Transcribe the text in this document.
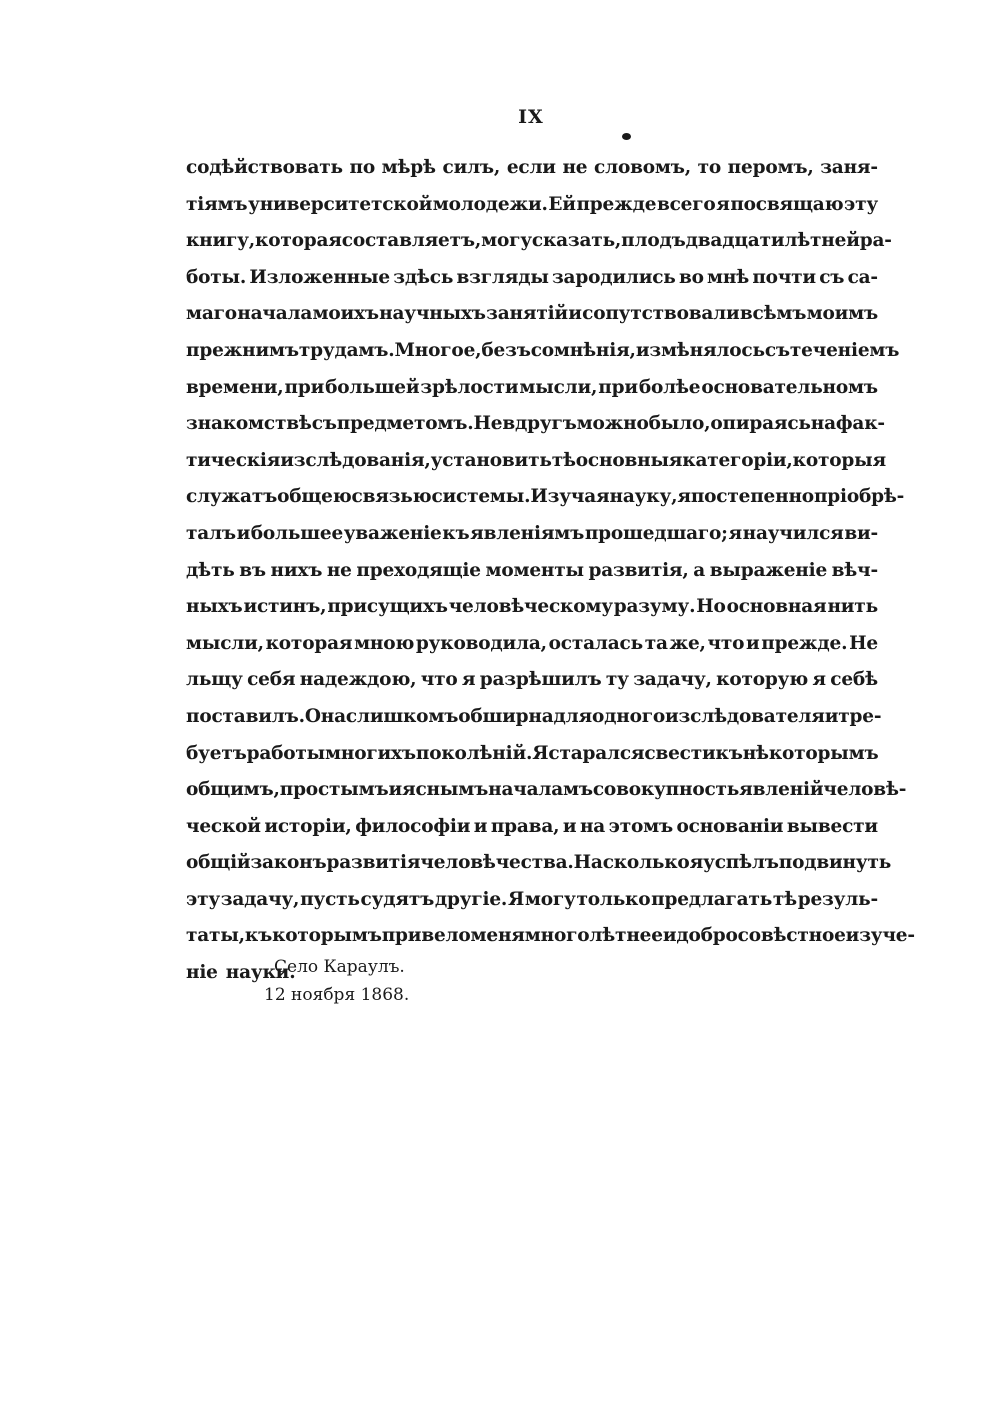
IX
содѣйствовать по мѣрѣ силъ, если не словомъ, то перомъ, заня-
тіямъ университетской молодежи. Ей прежде всего я посвящаю эту
книгу, которая составляетъ, могу сказать, плодъ двадцатилѣтней ра-
боты. Изложенные здѣсь взгляды зародились во мнѣ почти съ са-
маго начала моихъ научныхъ занятій и сопутствовали всѣмъ моимъ
прежнимъ трудамъ. Многое, безъ сомнѣнія, измѣнялось съ теченіемъ
времени, при большей зрѣлости мысли, при болѣе основательномъ
знакомствѣ съ предметомъ. Не вдругъ можно было, опираясь на фак-
тическія изслѣдованія, установить тѣ основныя категоріи, которыя
служатъ общею связью системы. Изучая науку, я постепенно пріобрѣ-
талъ и большее уваженіе къ явленіямъ прошедшаго; я научился ви-
дѣть въ нихъ не преходящіе моменты развитія, а выраженіе вѣч-
ныхъ истинъ, присущихъ человѣческому разуму. Но основная нить
мысли, которая мною руководила, осталась та же, что и прежде. Не
льщу себя надеждою, что я разрѣшилъ ту задачу, которую я себѣ
поставилъ. Она слишкомъ обширна для одного изслѣдователя и тре-
буетъ работы многихъ поколѣній. Я старался свести къ нѣкоторымъ
общимъ, простымъ и яснымъ началамъ совокупность явленій человѣ-
ческой исторіи, философіи и права, и на этомъ основаніи вывести
общій законъ развитія человѣчества. Насколько я успѣлъ подвинуть
эту задачу, пусть судятъ другіе. Я могу только предлагать тѣ резуль-
таты, къ которымъ привело меня многолѣтнее и добросовѣстное изуче-
ніе науки.
Село Караулъ.
12 ноября 1868.
